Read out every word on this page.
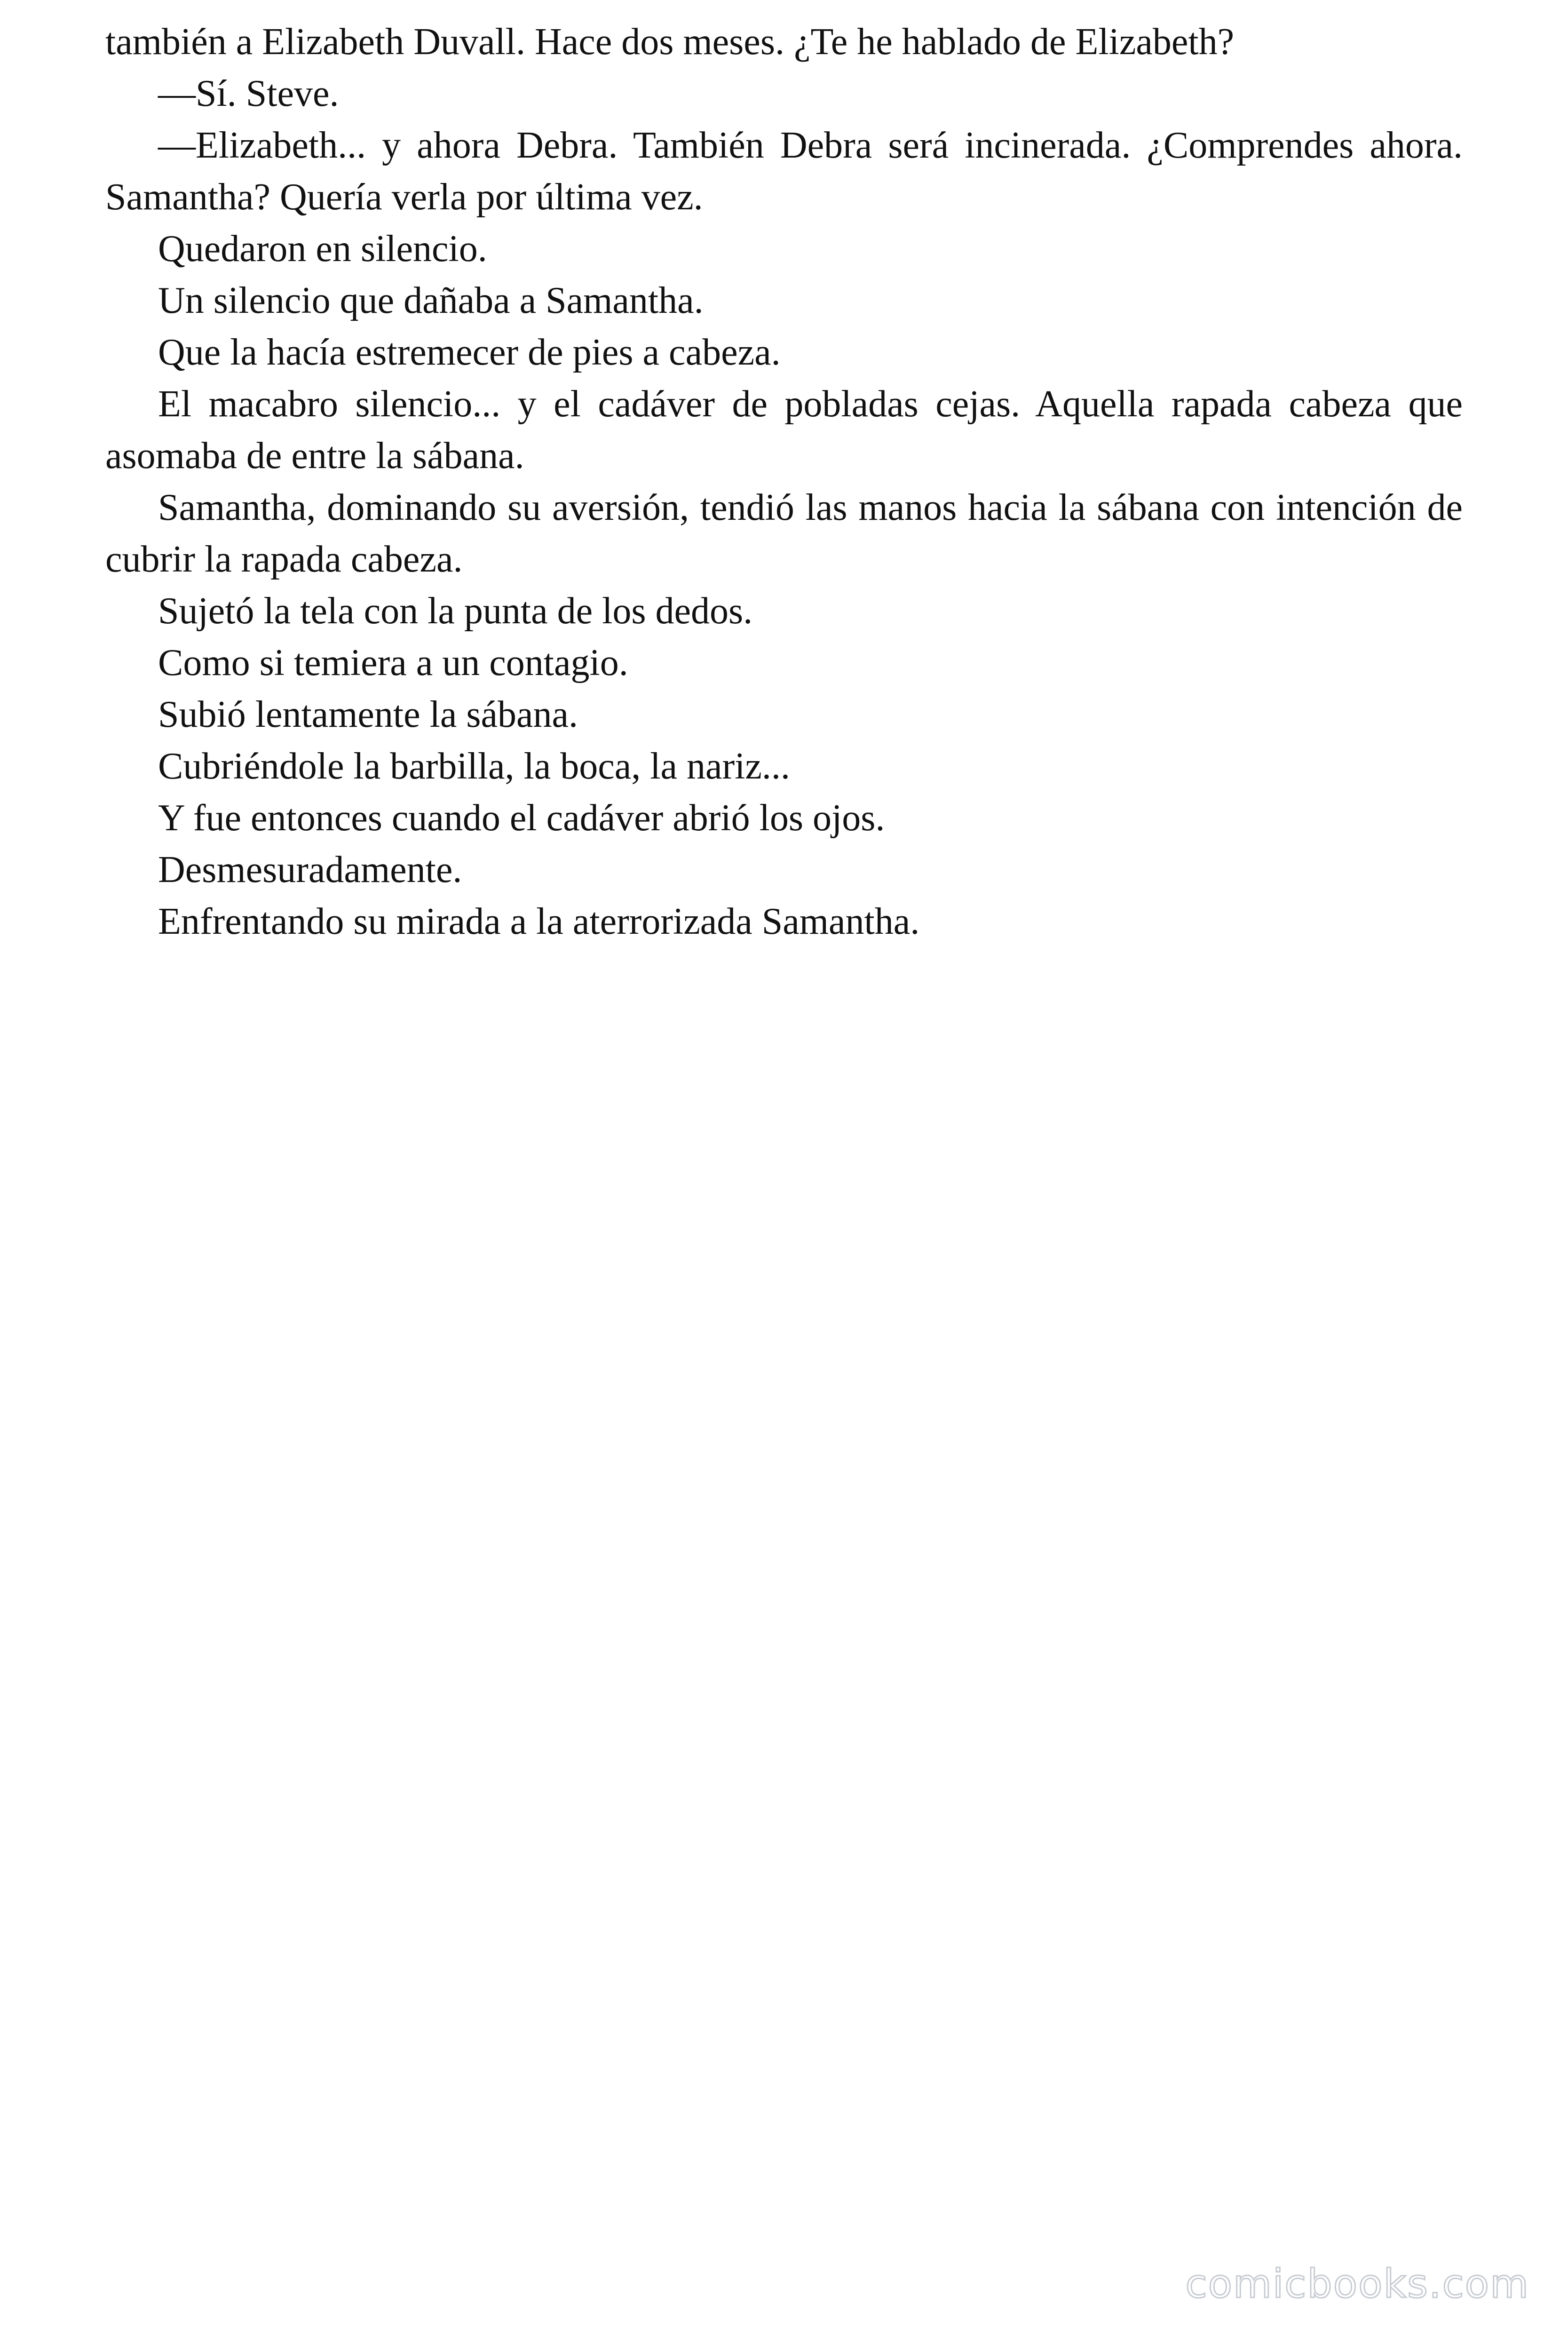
también a Elizabeth Duvall. Hace dos meses. ¿Te he hablado de Elizabeth?

—Sí. Steve.

—Elizabeth... y ahora Debra. También Debra será incinerada. ¿Comprendes ahora. Samantha? Quería verla por última vez.

Quedaron en silencio.

Un silencio que dañaba a Samantha.

Que la hacía estremecer de pies a cabeza.

El macabro silencio... y el cadáver de pobladas cejas. Aquella rapada cabeza que asomaba de entre la sábana.

Samantha, dominando su aversión, tendió las manos hacia la sábana con intención de cubrir la rapada cabeza.

Sujetó la tela con la punta de los dedos.

Como si temiera a un contagio.

Subió lentamente la sábana.

Cubriéndole la barbilla, la boca, la nariz...

Y fue entonces cuando el cadáver abrió los ojos.

Desmesuradamente.

Enfrentando su mirada a la aterrorizada Samantha.

comicbooks.com
